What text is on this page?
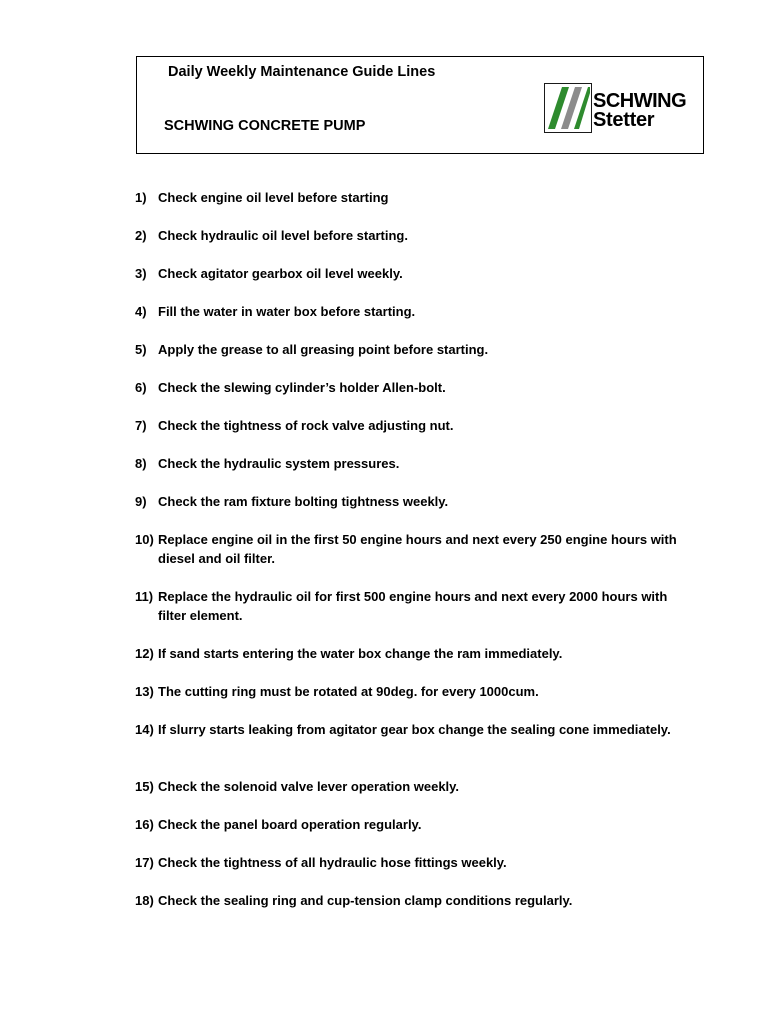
Daily Weekly Maintenance Guide Lines
SCHWING CONCRETE PUMP
SCHWING
Stetter
1) Check engine oil level before starting
2) Check hydraulic oil level before starting.
3) Check agitator gearbox oil level weekly.
4) Fill the water in water box before starting.
5) Apply the grease to all greasing point before starting.
6) Check the slewing cylinder’s holder Allen-bolt.
7) Check the tightness of rock valve adjusting nut.
8) Check the hydraulic system pressures.
9) Check the ram fixture bolting tightness weekly.
10) Replace engine oil in the first 50 engine hours and next every 250 engine hours with diesel and oil filter.
11) Replace the hydraulic oil for first 500 engine hours and next every 2000 hours with filter element.
12) If sand starts entering the water box change the ram immediately.
13) The cutting ring must be rotated at 90deg. for every 1000cum.
14) If slurry starts leaking from agitator gear box change the sealing cone immediately.
15) Check the solenoid valve lever operation weekly.
16) Check the panel board operation regularly.
17) Check the tightness of all hydraulic hose fittings weekly.
18) Check the sealing ring and cup-tension clamp conditions regularly.
